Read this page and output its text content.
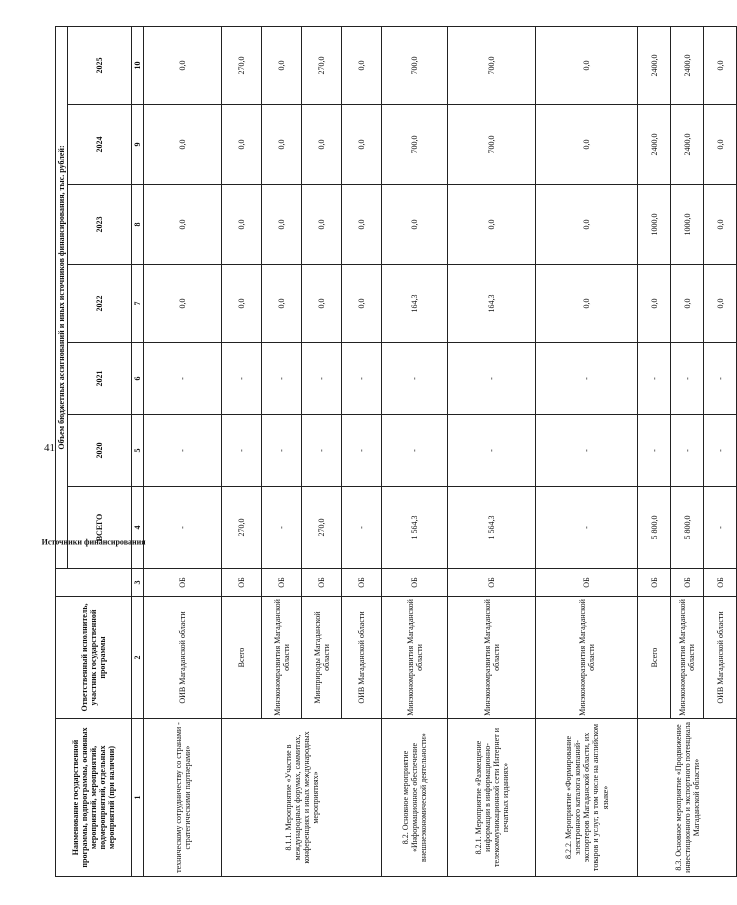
41
Наименование государственной программы, подпрограммы, основных мероприятий, мероприятий, подмероприятий, отдельных мероприятий (при наличии)	Ответственный исполнитель, участник государственной программы	Источники финансирования	Объем бюджетных ассигнований и иных источников финансирования, тыс. рублей:						
			ВСЕГО	2020	2021	2022	2023	2024	2025
1	2	3	4	5	6	7	8	9	10
техническому сотрудничеству со странами - стратегическими партнерами»	ОИВ Магаданской области	ОБ	-	-	-	0,0	0,0	0,0	0,0
8.1.1. Мероприятие «Участие в международных форумах, саммитах, конференциях и иных международных мероприятиях»	Всего	ОБ	270,0	-	-	0,0	0,0	0,0	270,0
	Минэкономразвития Магаданской области	ОБ	-	-	-	0,0	0,0	0,0	0,0
	Минприроды Магаданской области	ОБ	270,0	-	-	0,0	0,0	0,0	270,0
	ОИВ Магаданской области	ОБ	-	-	-	0,0	0,0	0,0	0,0
8.2. Основное мероприятие «Информационное обеспечение внешнеэкономической деятельности»	Минэкономразвития Магаданской области	ОБ	1 564,3	-	-	164,3	0,0	700,0	700,0
8.2.1. Мероприятие «Размещение информации в информационно-телекоммуникационной сети Интернет и печатных изданиях»	Минэкономразвития Магаданской области	ОБ	1 564,3	-	-	164,3	0,0	700,0	700,0
8.2.2. Мероприятие «Формирование электронного каталога компаний-экспортеров Магаданской области, их товаров и услуг, в том числе на английском языке»	Минэкономразвития Магаданской области	ОБ	-	-	-	0,0	0,0	0,0	0,0
8.3. Основное мероприятие «Продвижение инвестиционного и экспортного потенциала Магаданской области»	Всего	ОБ	5 800,0	-	-	0,0	1000,0	2400,0	2400,0
	Минэкономразвития Магаданской области	ОБ	5 800,0	-	-	0,0	1000,0	2400,0	2400,0
	ОИВ Магаданской области	ОБ	-	-	-	0,0	0,0	0,0	0,0
